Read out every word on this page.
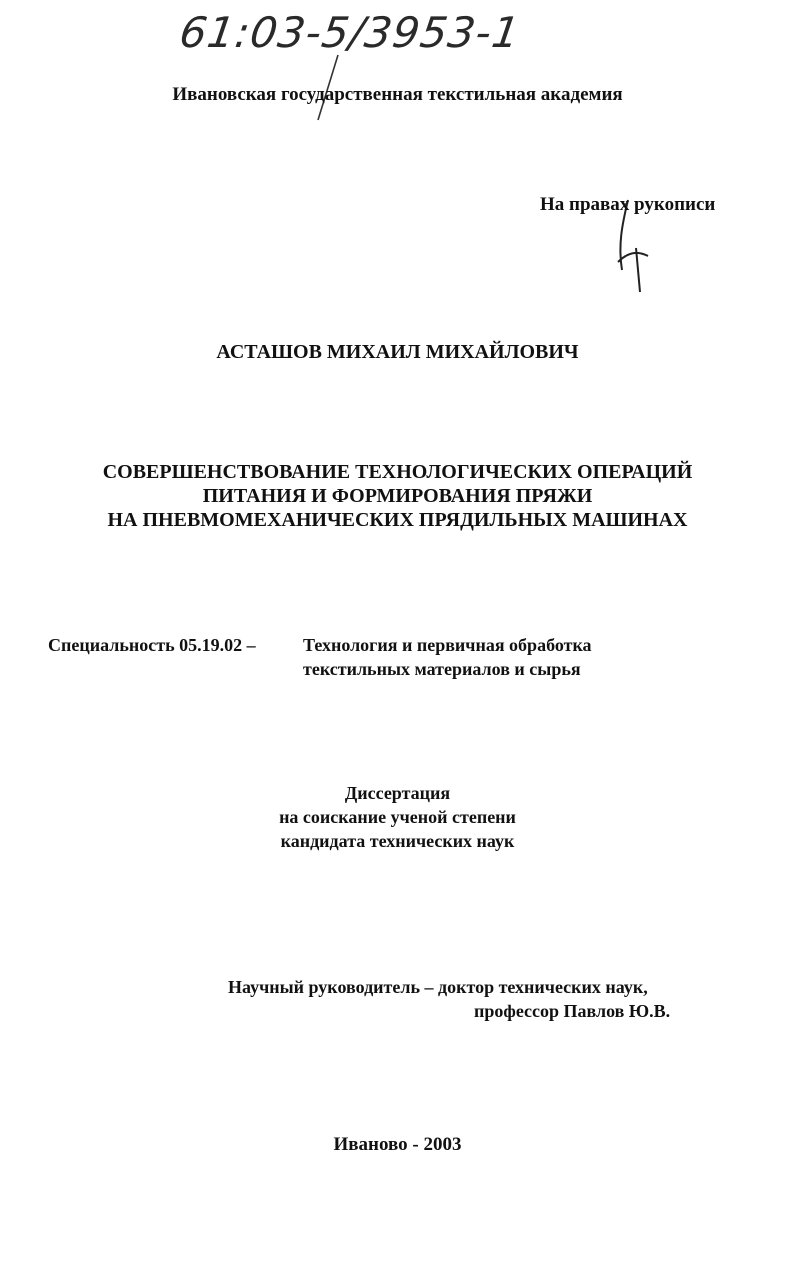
61:03-5/3953-1
Ивановская государственная текстильная академия
На правах рукописи
АСТАШОВ МИХАИЛ МИХАЙЛОВИЧ
СОВЕРШЕНСТВОВАНИЕ ТЕХНОЛОГИЧЕСКИХ ОПЕРАЦИЙ
ПИТАНИЯ И ФОРМИРОВАНИЯ ПРЯЖИ
НА ПНЕВМОМЕХАНИЧЕСКИХ ПРЯДИЛЬНЫХ МАШИНАХ
Специальность 05.19.02 –	Технология и первичная обработка
текстильных материалов и сырья
Диссертация
на соискание ученой степени
кандидата технических наук
Научный руководитель – доктор технических наук,
профессор Павлов Ю.В.
Иваново - 2003
